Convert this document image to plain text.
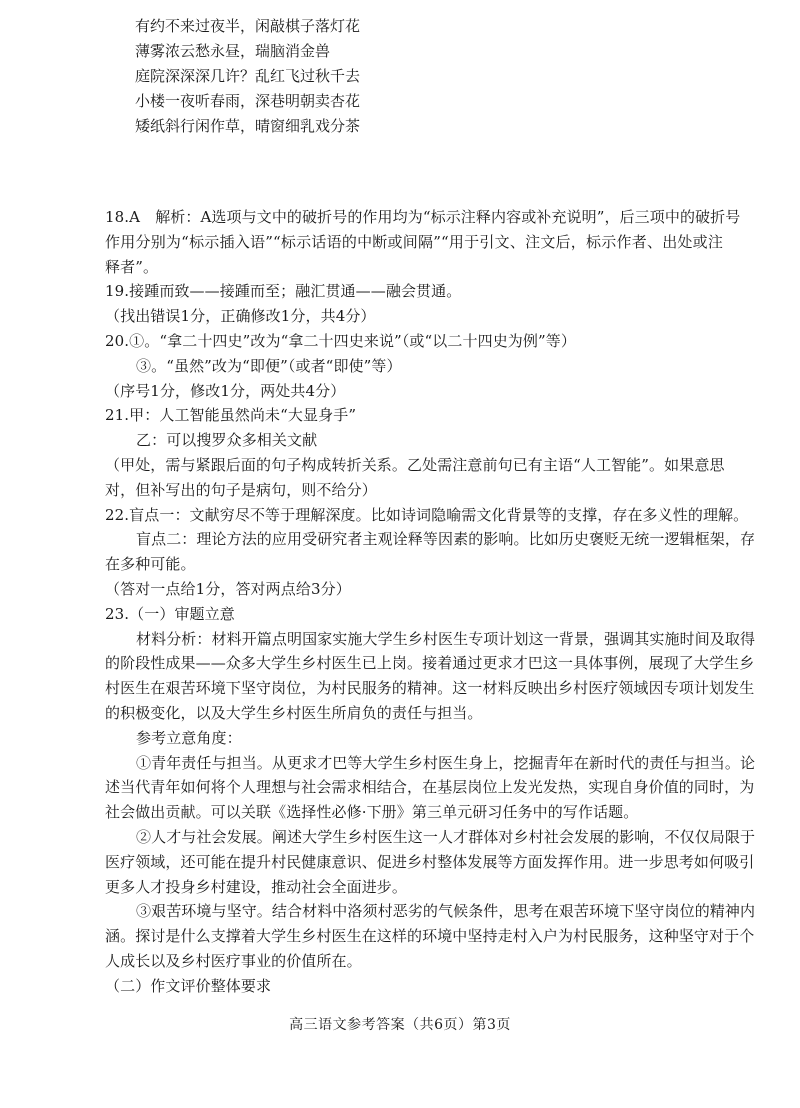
有约不来过夜半，闲敲棋子落灯花
薄雾浓云愁永昼，瑞脑消金兽
庭院深深深几许？乱红飞过秋千去
小楼一夜听春雨，深巷明朝卖杏花
矮纸斜行闲作草，晴窗细乳戏分茶
18.A　解析：A选项与文中的破折号的作用均为“标示注释内容或补充说明”，后三项中的破折号
作用分别为“标示插入语”“标示话语的中断或间隔”“用于引文、注文后，标示作者、出处或注
释者”。
19.接踵而致——接踵而至；融汇贯通——融会贯通。
（找出错误1分，正确修改1分，共4分）
20.①。“拿二十四史”改为“拿二十四史来说”（或“以二十四史为例”等）
③。“虽然”改为“即便”（或者“即使”等）
（序号1分，修改1分，两处共4分）
21.甲：人工智能虽然尚未“大显身手”
乙：可以搜罗众多相关文献
（甲处，需与紧跟后面的句子构成转折关系。乙处需注意前句已有主语“人工智能”。如果意思
对，但补写出的句子是病句，则不给分）
22.盲点一：文献穷尽不等于理解深度。比如诗词隐喻需文化背景等的支撑，存在多义性的理解。
盲点二：理论方法的应用受研究者主观诠释等因素的影响。比如历史褒贬无统一逻辑框架，存
在多种可能。
（答对一点给1分，答对两点给3分）
23.（一）审题立意
材料分析：材料开篇点明国家实施大学生乡村医生专项计划这一背景，强调其实施时间及取得
的阶段性成果——众多大学生乡村医生已上岗。接着通过更求才巴这一具体事例，展现了大学生乡
村医生在艰苦环境下坚守岗位，为村民服务的精神。这一材料反映出乡村医疗领域因专项计划发生
的积极变化，以及大学生乡村医生所肩负的责任与担当。
参考立意角度：
①青年责任与担当。从更求才巴等大学生乡村医生身上，挖掘青年在新时代的责任与担当。论
述当代青年如何将个人理想与社会需求相结合，在基层岗位上发光发热，实现自身价值的同时，为
社会做出贡献。可以关联《选择性必修·下册》第三单元研习任务中的写作话题。
②人才与社会发展。阐述大学生乡村医生这一人才群体对乡村社会发展的影响，不仅仅局限于
医疗领域，还可能在提升村民健康意识、促进乡村整体发展等方面发挥作用。进一步思考如何吸引
更多人才投身乡村建设，推动社会全面进步。
③艰苦环境与坚守。结合材料中洛须村恶劣的气候条件，思考在艰苦环境下坚守岗位的精神内
涵。探讨是什么支撑着大学生乡村医生在这样的环境中坚持走村入户为村民服务，这种坚守对于个
人成长以及乡村医疗事业的价值所在。
（二）作文评价整体要求
高三语文参考答案（共6页）第3页
